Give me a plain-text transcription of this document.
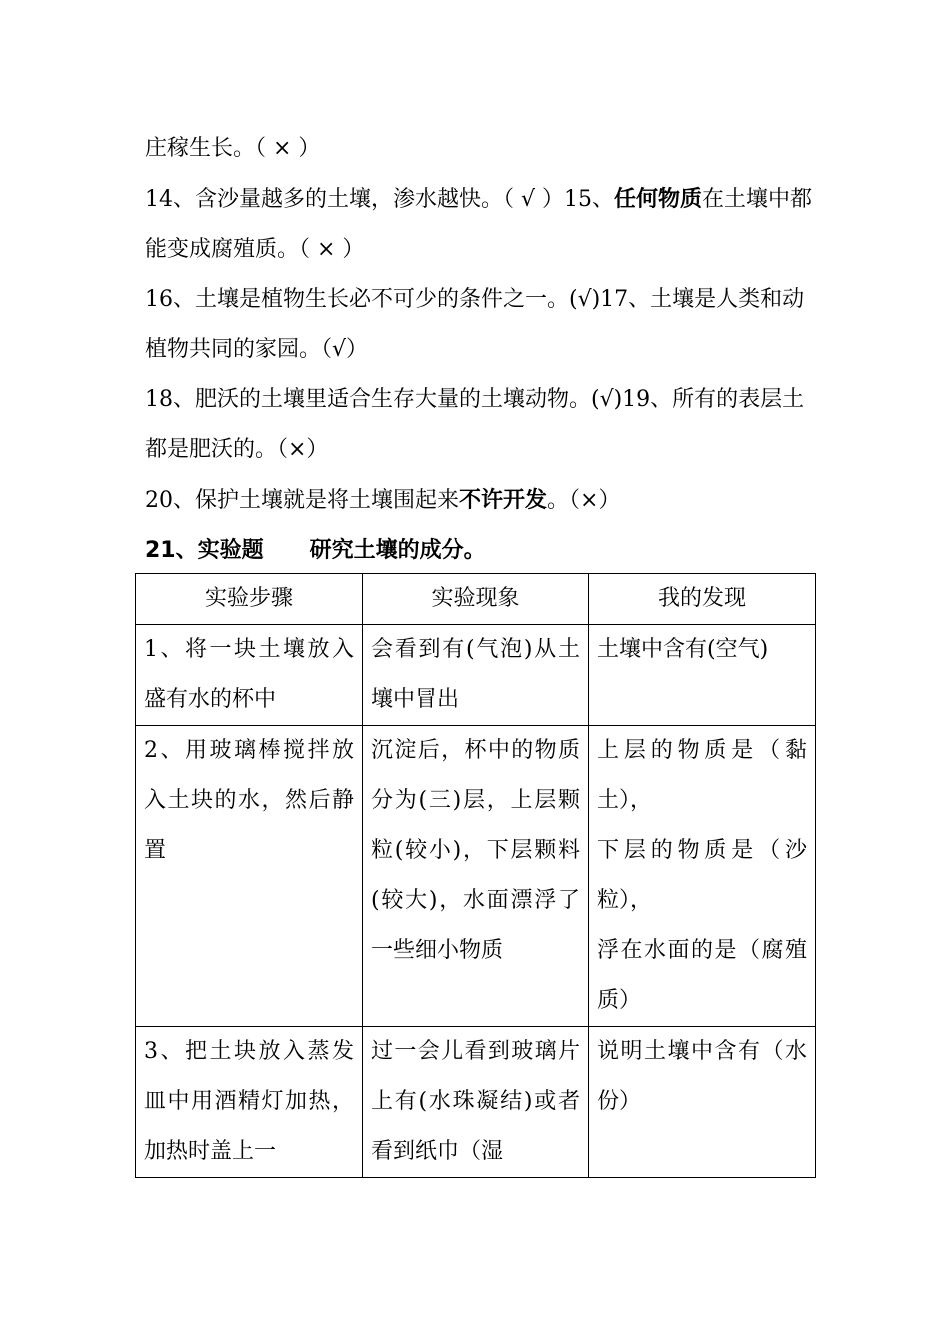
庄稼生长。（ × ）

14、含沙量越多的土壤，渗水越快。（ √ ）15、任何物质在土壤中都能变成腐殖质。（ × ）

16、土壤是植物生长必不可少的条件之一。(√)17、土壤是人类和动植物共同的家园。（√）

18、肥沃的土壤里适合生存大量的土壤动物。(√)19、所有的表层土都是肥沃的。（×）

20、保护土壤就是将土壤围起来不许开发。（×）

21、实验题      研究土壤的成分。
实验步骤	实验现象	我的发现

1、将一块土壤放入盛有水的杯中	会看到有(气泡)从土壤中冒出	土壤中含有(空气)

2、用玻璃棒搅拌放入土块的水，然后静置	沉淀后，杯中的物质分为(三)层，上层颗粒(较小)，下层颗料(较大)，水面漂浮了一些细小物质	上层的物质是（黏土），
下层的物质是（沙粒），
浮在水面的是（腐殖质）

3、把土块放入蒸发皿中用酒精灯加热，加热时盖上一	过一会儿看到玻璃片上有(水珠凝结)或者看到纸巾（湿	说明土壤中含有（水份）
